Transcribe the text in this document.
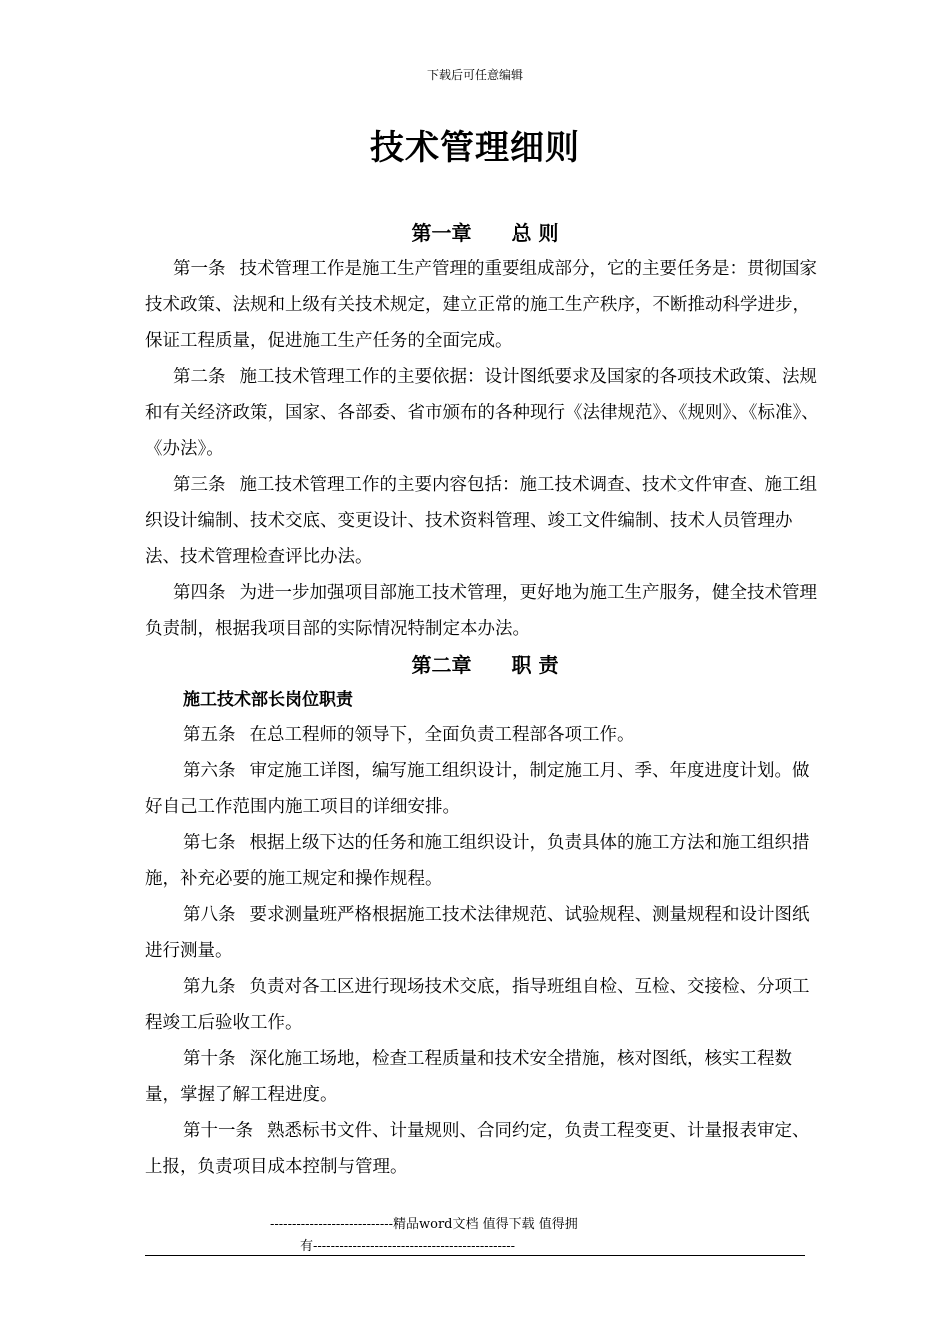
下载后可任意编辑
技术管理细则

第一章 总 则

第一条 技术管理工作是施工生产管理的重要组成部分，它的主要任务是：贯彻国家技术政策、法规和上级有关技术规定，建立正常的施工生产秩序，不断推动科学进步，保证工程质量，促进施工生产任务的全面完成。

第二条 施工技术管理工作的主要依据：设计图纸要求及国家的各项技术政策、法规和有关经济政策，国家、各部委、省市颁布的各种现行《法律规范》、《规则》、《标准》、《办法》。

第三条 施工技术管理工作的主要内容包括：施工技术调查、技术文件审查、施工组织设计编制、技术交底、变更设计、技术资料管理、竣工文件编制、技术人员管理办法、技术管理检查评比办法。

第四条 为进一步加强项目部施工技术管理，更好地为施工生产服务，健全技术管理负责制，根据我项目部的实际情况特制定本办法。

第二章 职 责

施工技术部长岗位职责

第五条 在总工程师的领导下，全面负责工程部各项工作。

第六条 审定施工详图，编写施工组织设计，制定施工月、季、年度进度计划。做好自己工作范围内施工项目的详细安排。

第七条 根据上级下达的任务和施工组织设计，负责具体的施工方法和施工组织措施，补充必要的施工规定和操作规程。

第八条 要求测量班严格根据施工技术法律规范、试验规程、测量规程和设计图纸进行测量。

第九条 负责对各工区进行现场技术交底，指导班组自检、互检、交接检、分项工程竣工后验收工作。

第十条 深化施工场地，检查工程质量和技术安全措施，核对图纸，核实工程数量，掌握了解工程进度。

第十一条 熟悉标书文件、计量规则、合同约定，负责工程变更、计量报表审定、上报，负责项目成本控制与管理。

----------------------------精品word文档 值得下载 值得拥
有----------------------------------------------
